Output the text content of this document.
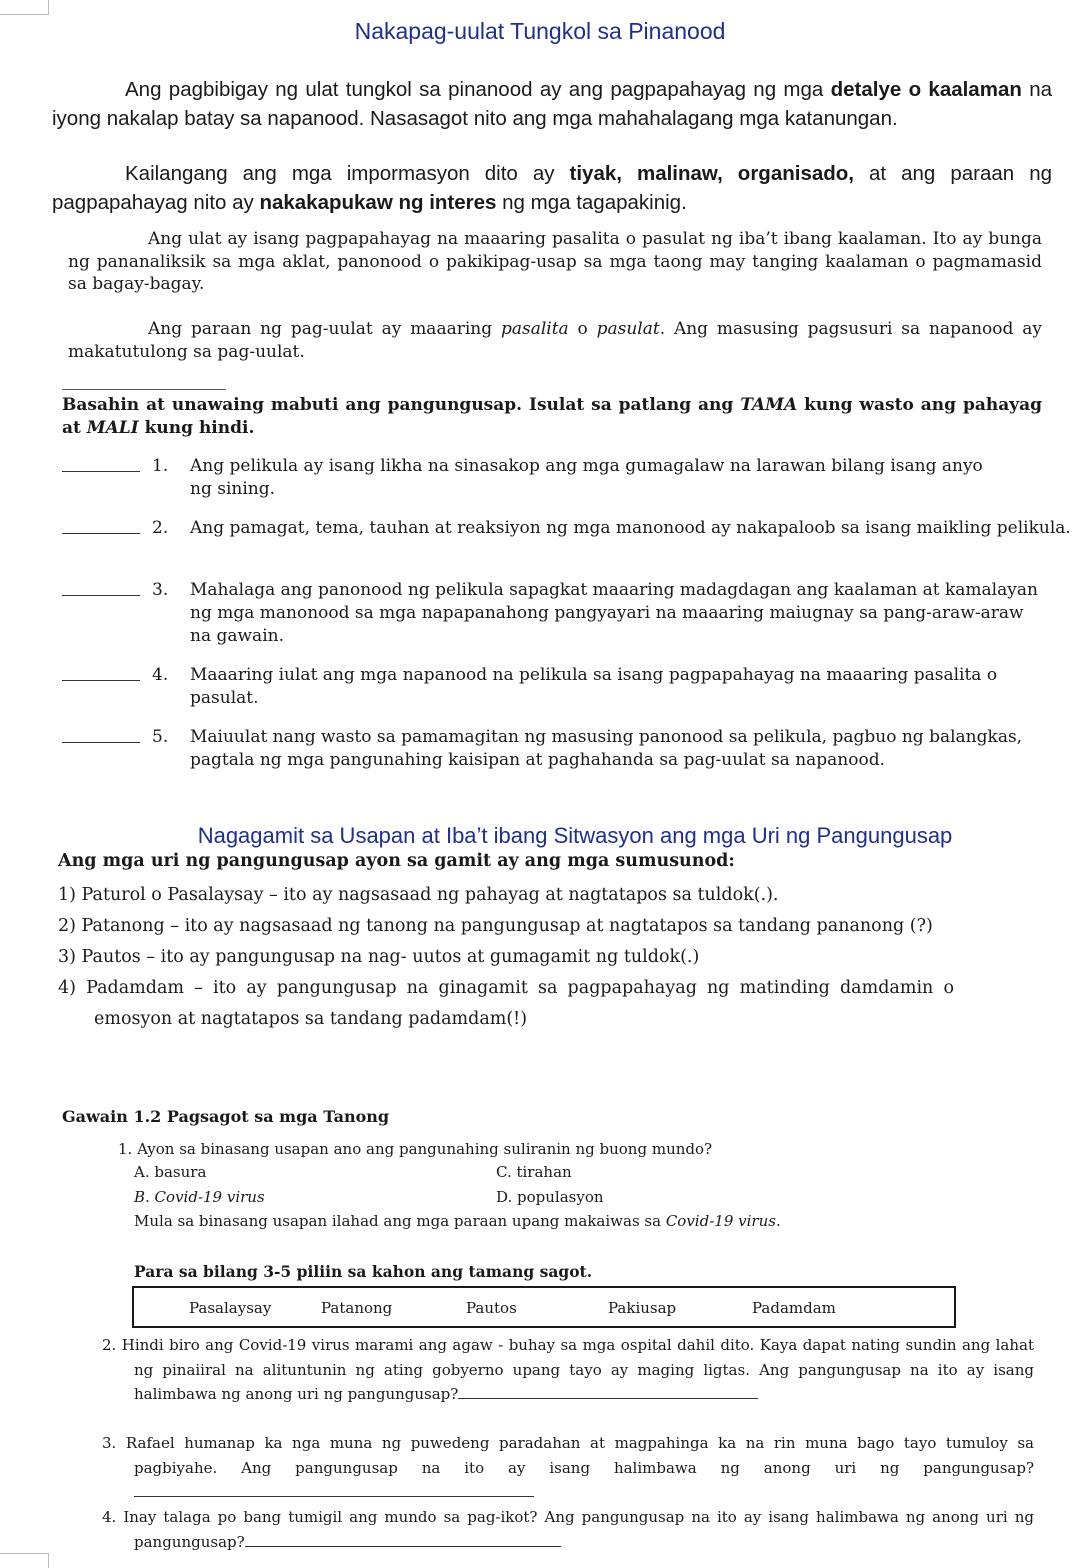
Nakapag-uulat Tungkol sa Pinanood
Ang pagbibigay ng ulat tungkol sa pinanood ay ang pagpapahayag ng mga detalye o kaalaman na iyong nakalap batay sa napanood. Nasasagot nito ang mga mahahalagang mga katanungan.
Kailangang ang mga impormasyon dito ay tiyak, malinaw, organisado, at ang paraan ng pagpapahayag nito ay nakakapukaw ng interes ng mga tagapakinig.
Ang ulat ay isang pagpapahayag na maaaring pasalita o pasulat ng iba’t ibang kaalaman. Ito ay bunga ng pananaliksik sa mga aklat, panonood o pakikipag-usap sa mga taong may tanging kaalaman o pagmamasid sa bagay-bagay.
Ang paraan ng pag-uulat ay maaaring pasalita o pasulat. Ang masusing pagsusuri sa napanood ay makatutulong sa pag-uulat.
Basahin at unawaing mabuti ang pangungusap. Isulat sa patlang ang TAMA kung wasto ang pahayag at MALI kung hindi.
1. Ang pelikula ay isang likha na sinasakop ang mga gumagalaw na larawan bilang isang anyo ng sining.
2. Ang pamagat, tema, tauhan at reaksiyon ng mga manonood ay nakapaloob sa isang maikling pelikula.
3. Mahalaga ang panonood ng pelikula sapagkat maaaring madagdagan ang kaalaman at kamalayan ng mga manonood sa mga napapanahong pangyayari na maaaring maiugnay sa pang-araw-araw na gawain.
4. Maaaring iulat ang mga napanood na pelikula sa isang pagpapahayag na maaaring pasalita o pasulat.
5. Maiuulat nang wasto sa pamamagitan ng masusing panonood sa pelikula, pagbuo ng balangkas, pagtala ng mga pangunahing kaisipan at paghahanda sa pag-uulat sa napanood.
Nagagamit sa Usapan at Iba’t ibang Sitwasyon ang mga Uri ng Pangungusap
Ang mga uri ng pangungusap ayon sa gamit ay ang mga sumusunod:
1) Paturol o Pasalaysay – ito ay nagsasaad ng pahayag at nagtatapos sa tuldok(.).
2) Patanong – ito ay nagsasaad ng tanong na pangungusap at nagtatapos sa tandang pananong (?)
3) Pautos – ito ay pangungusap na nag- uutos at gumagamit ng tuldok(.)
4) Padamdam – ito ay pangungusap na ginagamit sa pagpapahayag ng matinding damdamin o emosyon at nagtatapos sa tandang padamdam(!)
Gawain 1.2 Pagsagot sa mga Tanong
1. Ayon sa binasang usapan ano ang pangunahing suliranin ng buong mundo?
A. basura	C. tirahan
B. Covid-19 virus	D. populasyon
Mula sa binasang usapan ilahad ang mga paraan upang makaiwas sa Covid-19 virus.
Para sa bilang 3-5 piliin sa kahon ang tamang sagot.
Pasalaysay	Patanong	Pautos	Pakiusap	Padamdam
2. Hindi biro ang Covid-19 virus marami ang agaw - buhay sa mga ospital dahil dito. Kaya dapat nating sundin ang lahat ng pinaiiral na alituntunin ng ating gobyerno upang tayo ay maging ligtas. Ang pangungusap na ito ay isang halimbawa ng anong uri ng pangungusap?
3. Rafael humanap ka nga muna ng puwedeng paradahan at magpahinga ka na rin muna bago tayo tumuloy sa pagbiyahe. Ang pangungusap na ito ay isang halimbawa ng anong uri ng pangungusap?
4. Inay talaga po bang tumigil ang mundo sa pag-ikot? Ang pangungusap na ito ay isang halimbawa ng anong uri ng pangungusap?
